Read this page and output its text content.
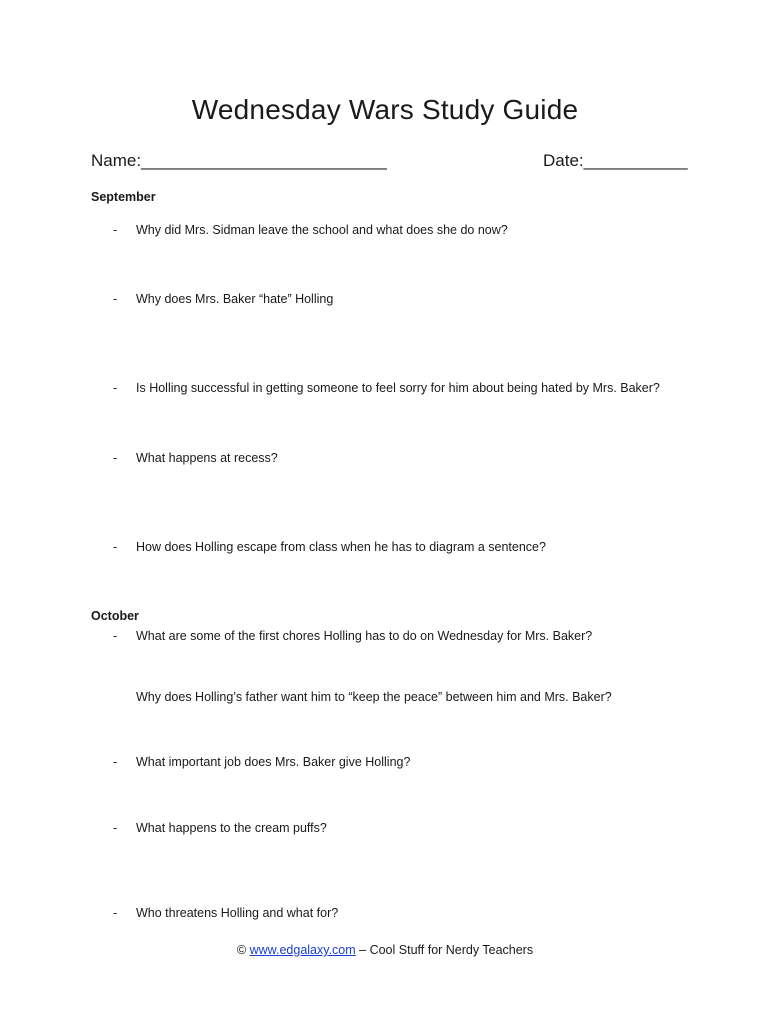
Wednesday Wars Study Guide
Name:__________________________	Date:___________
September
- Why did Mrs. Sidman leave the school and what does she do now?
- Why does Mrs. Baker “hate” Holling
- Is Holling successful in getting someone to feel sorry for him about being hated by Mrs. Baker?
- What happens at recess?
- How does Holling escape from class when he has to diagram a sentence?
October
- What are some of the first chores Holling has to do on Wednesday for Mrs. Baker?
Why does Holling’s father want him to “keep the peace” between him and Mrs. Baker?
- What important job does Mrs. Baker give Holling?
- What happens to the cream puffs?
- Who threatens Holling and what for?
© www.edgalaxy.com – Cool Stuff for Nerdy Teachers
